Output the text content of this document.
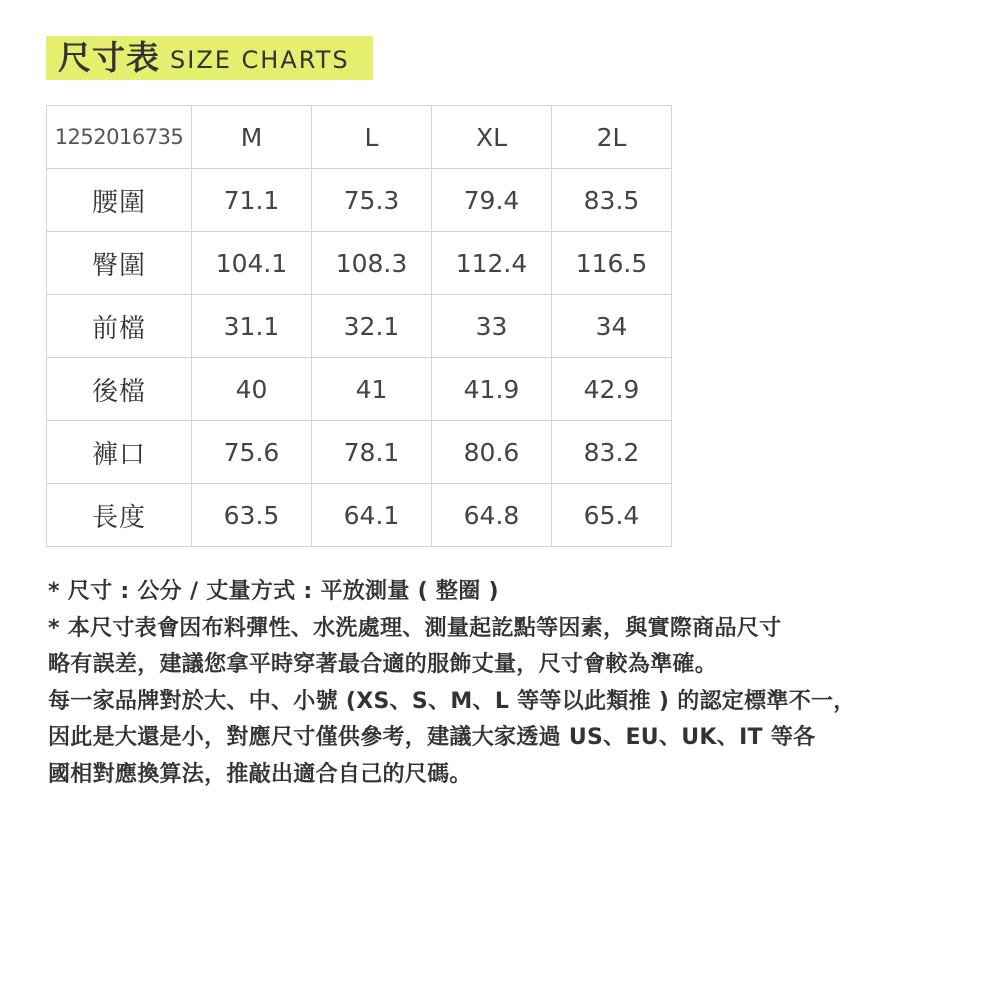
尺寸表 SIZE CHARTS
1252016735	M	L	XL	2L
腰圍	71.1	75.3	79.4	83.5
臀圍	104.1	108.3	112.4	116.5
前檔	31.1	32.1	33	34
後檔	40	41	41.9	42.9
褲口	75.6	78.1	80.6	83.2
長度	63.5	64.1	64.8	65.4
* 尺寸 : 公分 / 丈量方式 : 平放測量 ( 整圈 )
* 本尺寸表會因布料彈性、水洗處理、測量起訖點等因素，與實際商品尺寸
略有誤差，建議您拿平時穿著最合適的服飾丈量，尺寸會較為準確。
每一家品牌對於大、中、小號 (XS、S、M、L 等等以此類推 ) 的認定標準不一，
因此是大還是小，對應尺寸僅供參考，建議大家透過 US、EU、UK、IT 等各
國相對應換算法，推敲出適合自己的尺碼。
